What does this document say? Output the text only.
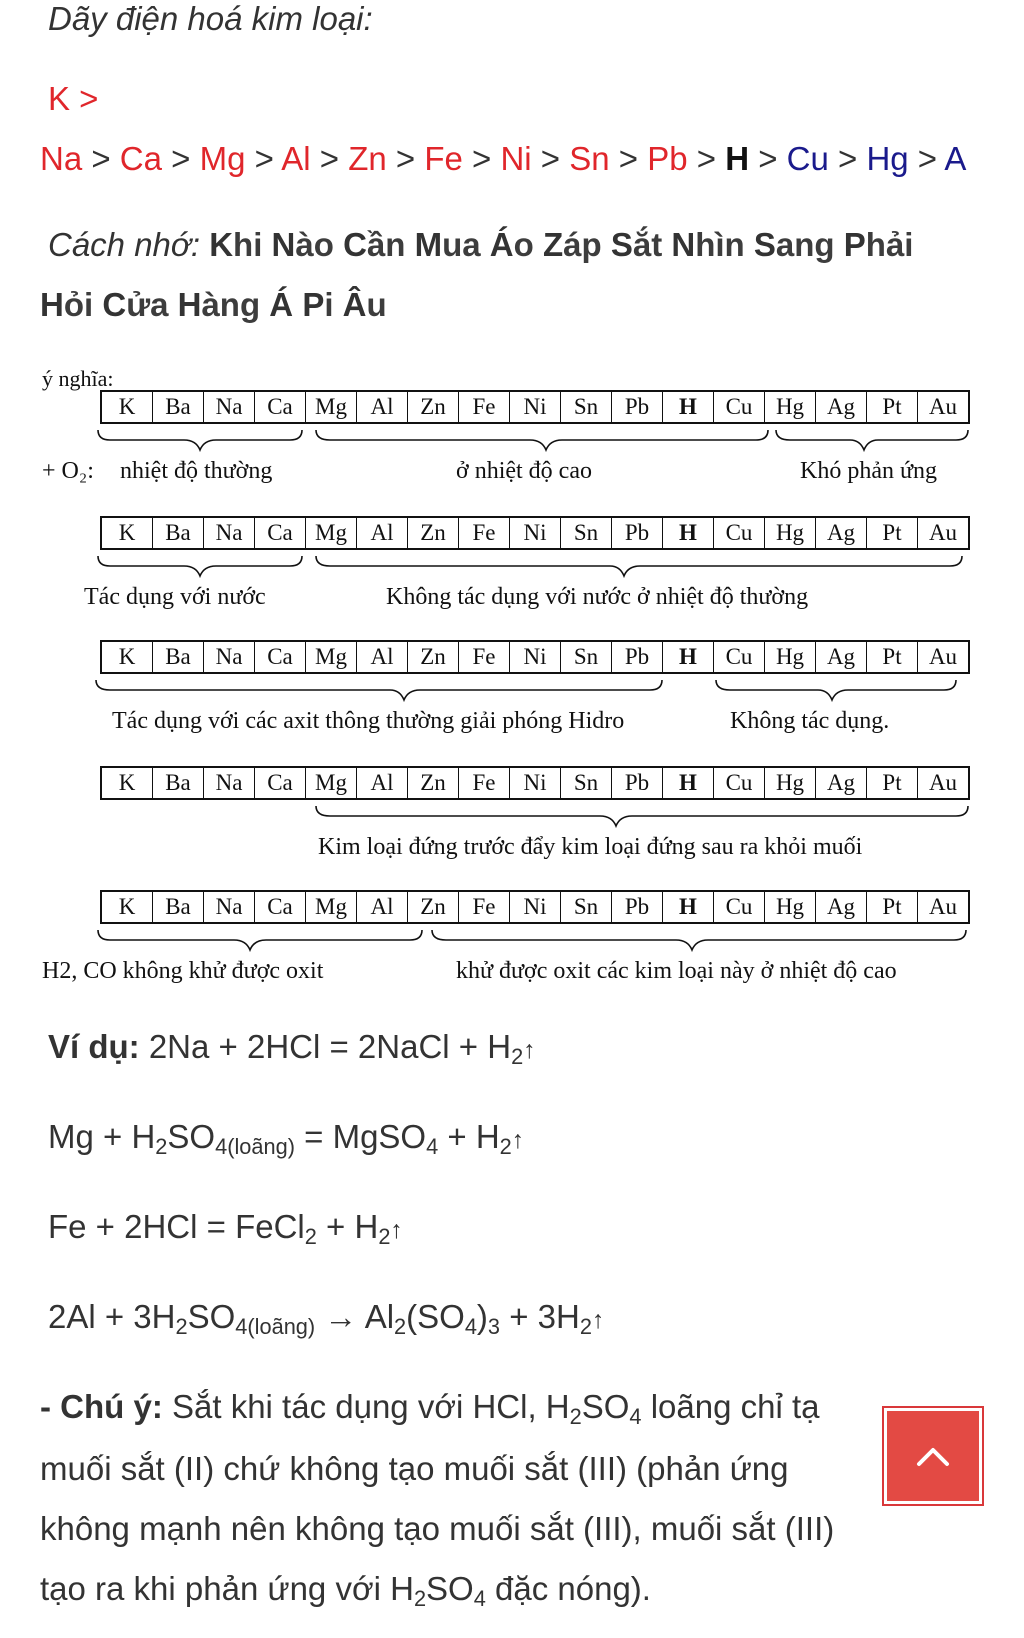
Dãy điện hoá kim loại:
K >
Na > Ca > Mg > Al > Zn > Fe > Ni > Sn > Pb > H > Cu > Hg > A
Cách nhớ: Khi Nào Cần Mua Áo Záp Sắt Nhìn Sang Phải
Hỏi Cửa Hàng Á Pi Âu
ý nghĩa:
K	Ba	Na	Ca Mg	Al	Zn	Fe	Ni	Sn	Pb	H	Cu	Hg Ag	Pt	Au
K	Ba	Na	Ca Mg	Al	Zn	Fe	Ni	Sn	Pb	H	Cu	Hg Ag	Pt	Au
K	Ba	Na	Ca Mg	Al	Zn	Fe	Ni	Sn	Pb	H	Cu	Hg Ag	Pt	Au
K	Ba	Na	Ca Mg	Al	Zn	Fe	Ni	Sn	Pb	H	Cu	Hg Ag	Pt	Au
K	Ba	Na	Ca Mg	Al	Zn	Fe	Ni	Sn	Pb	H	Cu	Hg Ag	Pt	Au
+ O₂: nhiệt độ thường	ở nhiệt độ cao	Khó phản ứng
Tác dụng với nước	Không tác dụng với nước ở nhiệt độ thường
Tác dụng với các axit thông thường giải phóng Hidro	Không tác dụng.
Kim loại đứng trước đẩy kim loại đứng sau ra khỏi muối
H2, CO không khử được oxit	khử được oxit các kim loại này ở nhiệt độ cao
Ví dụ: 2Na + 2HCl = 2NaCl + $H_2↑$
$Mg + H_2SO_{4(loãng)}$ = MgSO$_4$ + $H_2↑$
Fe + 2HCl = FeCl$_2$ + $H_2↑$
$2Al + 3H_2SO_{4(loãng)} \to Al_2(SO_4)_3$ + $3H_2↑$
- Chú ý: Sắt khi tác dụng với HCl, $H_2SO_4$ loãng chỉ tạ
muối sắt (II) chứ không tạo muối sắt (III) (phản ứng
không mạnh nên không tạo muối sắt (III), muối sắt (III)
tạo ra khi phản ứng với $H_2SO_4$ đặc nóng).
